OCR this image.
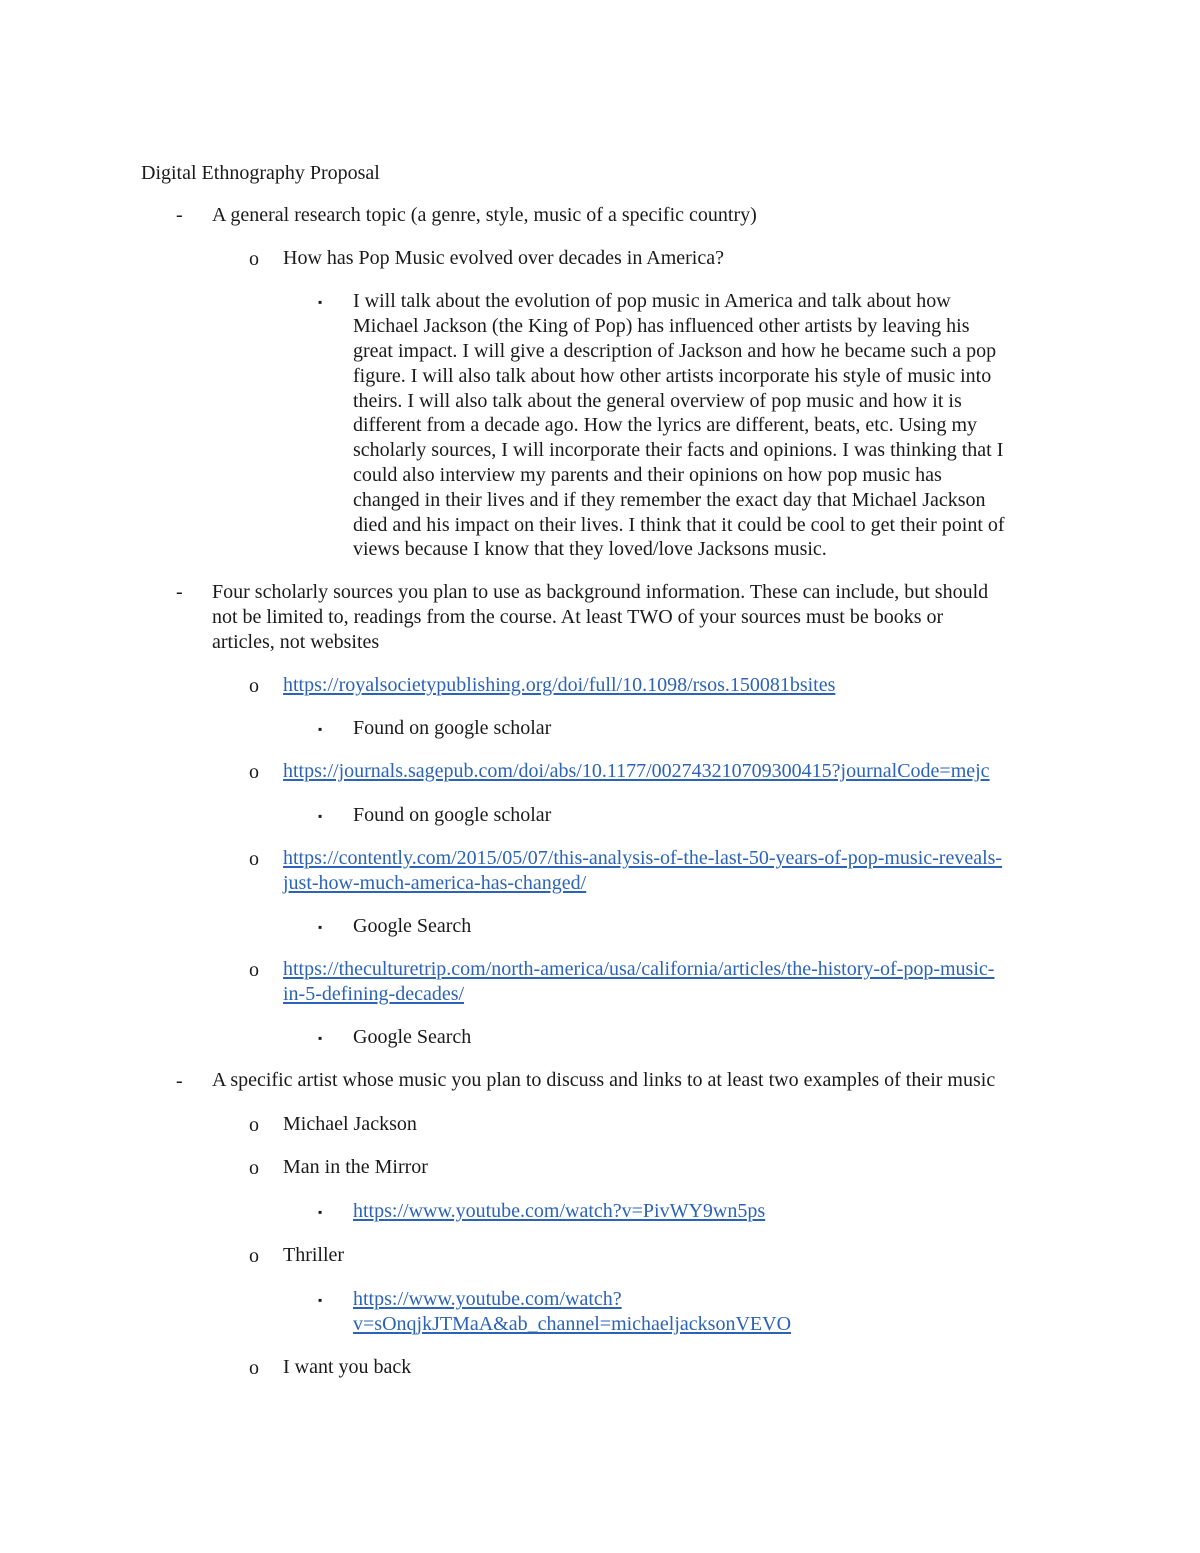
Digital Ethnography Proposal
- A general research topic (a genre, style, music of a specific country)
o How has Pop Music evolved over decades in America?
▪ I will talk about the evolution of pop music in America and talk about how
Michael Jackson (the King of Pop) has influenced other artists by leaving his
great impact. I will give a description of Jackson and how he became such a pop
figure. I will also talk about how other artists incorporate his style of music into
theirs. I will also talk about the general overview of pop music and how it is
different from a decade ago. How the lyrics are different, beats, etc. Using my
scholarly sources, I will incorporate their facts and opinions. I was thinking that I
could also interview my parents and their opinions on how pop music has
changed in their lives and if they remember the exact day that Michael Jackson
died and his impact on their lives. I think that it could be cool to get their point of
views because I know that they loved/love Jacksons music.
- Four scholarly sources you plan to use as background information. These can include, but should
not be limited to, readings from the course. At least TWO of your sources must be books or
articles, not websites
o https://royalsocietypublishing.org/doi/full/10.1098/rsos.150081bsites
▪ Found on google scholar
o https://journals.sagepub.com/doi/abs/10.1177/002743210709300415?journalCode=mejc
▪ Found on google scholar
o https://contently.com/2015/05/07/this-analysis-of-the-last-50-years-of-pop-music-reveals-
just-how-much-america-has-changed/
▪ Google Search
o https://theculturetrip.com/north-america/usa/california/articles/the-history-of-pop-music-
in-5-defining-decades/
▪ Google Search
- A specific artist whose music you plan to discuss and links to at least two examples of their music
o Michael Jackson
o Man in the Mirror
▪ https://www.youtube.com/watch?v=PivWY9wn5ps
o Thriller
▪ https://www.youtube.com/watch?
v=sOnqjkJTMaA&ab_channel=michaeljacksonVEVO
o I want you back
